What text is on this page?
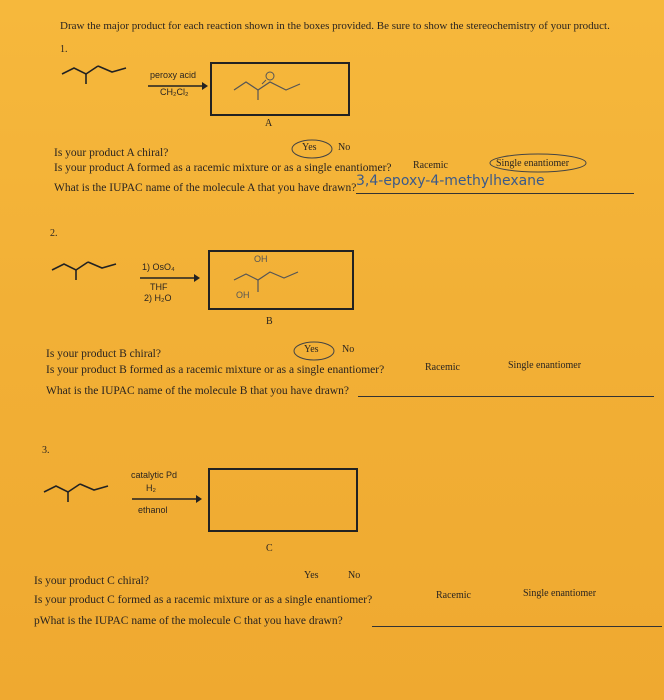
Draw the major product for each reaction shown in the boxes provided. Be sure to show the stereochemistry of your product.
1.
peroxy acid
CH₂Cl₂
A
Is your product A chiral?	Yes No
Is your product A formed as a racemic mixture or as a single enantiomer? Racemic	Single enantiomer
What is the IUPAC name of the molecule A that you have drawn? 3,4-epoxy-4-methylhexane
2.
1) OsO₄
THF
2) H₂O
OH
OH
B
Is your product B chiral?	Yes No
Is your product B formed as a racemic mixture or as a single enantiomer?	Racemic	Single enantiomer
What is the IUPAC name of the molecule B that you have drawn?
3.
catalytic Pd
H₂
ethanol
C
Is your product C chiral?	Yes	No
Is your product C formed as a racemic mixture or as a single enantiomer?	Racemic	Single enantiomer
pWhat is the IUPAC name of the molecule C that you have drawn?
